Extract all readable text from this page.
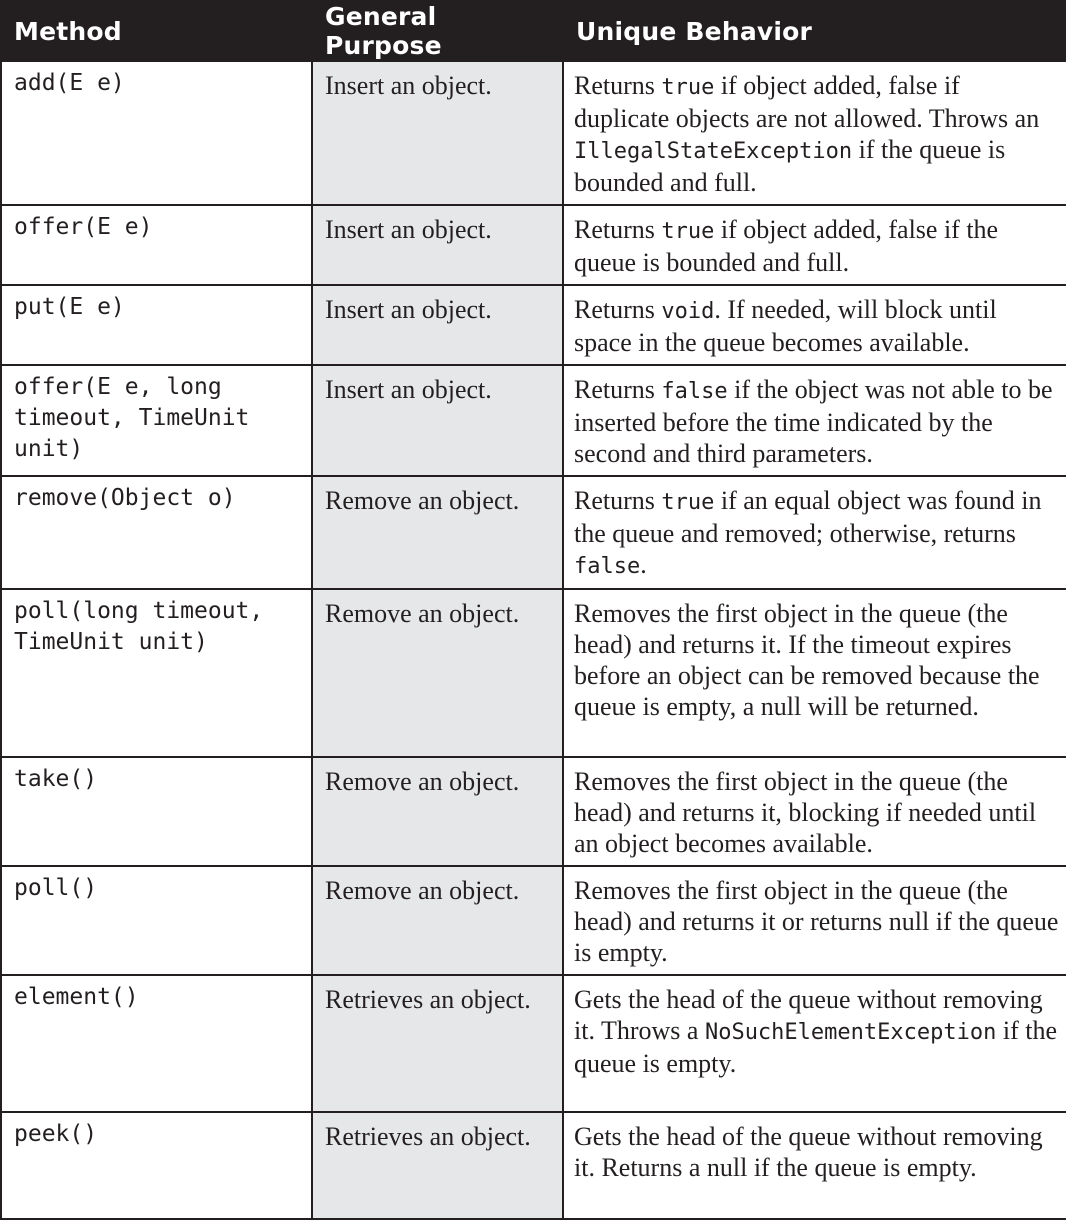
Method	General Purpose	Unique Behavior
add(E e)	Insert an object.	Returns true if object added, false if duplicate objects are not allowed. Throws an IllegalStateException if the queue is bounded and full.
offer(E e)	Insert an object.	Returns true if object added, false if the queue is bounded and full.
put(E e)	Insert an object.	Returns void. If needed, will block until space in the queue becomes available.
offer(E e, long timeout, TimeUnit unit)	Insert an object.	Returns false if the object was not able to be inserted before the time indicated by the second and third parameters.
remove(Object o)	Remove an object.	Returns true if an equal object was found in the queue and removed; otherwise, returns false.
poll(long timeout, TimeUnit unit)	Remove an object.	Removes the first object in the queue (the head) and returns it. If the timeout expires before an object can be removed because the queue is empty, a null will be returned.
take()	Remove an object.	Removes the first object in the queue (the head) and returns it, blocking if needed until an object becomes available.
poll()	Remove an object.	Removes the first object in the queue (the head) and returns it or returns null if the queue is empty.
element()	Retrieves an object.	Gets the head of the queue without removing it. Throws a NoSuchElementException if the queue is empty.
peek()	Retrieves an object.	Gets the head of the queue without removing it. Returns a null if the queue is empty.
